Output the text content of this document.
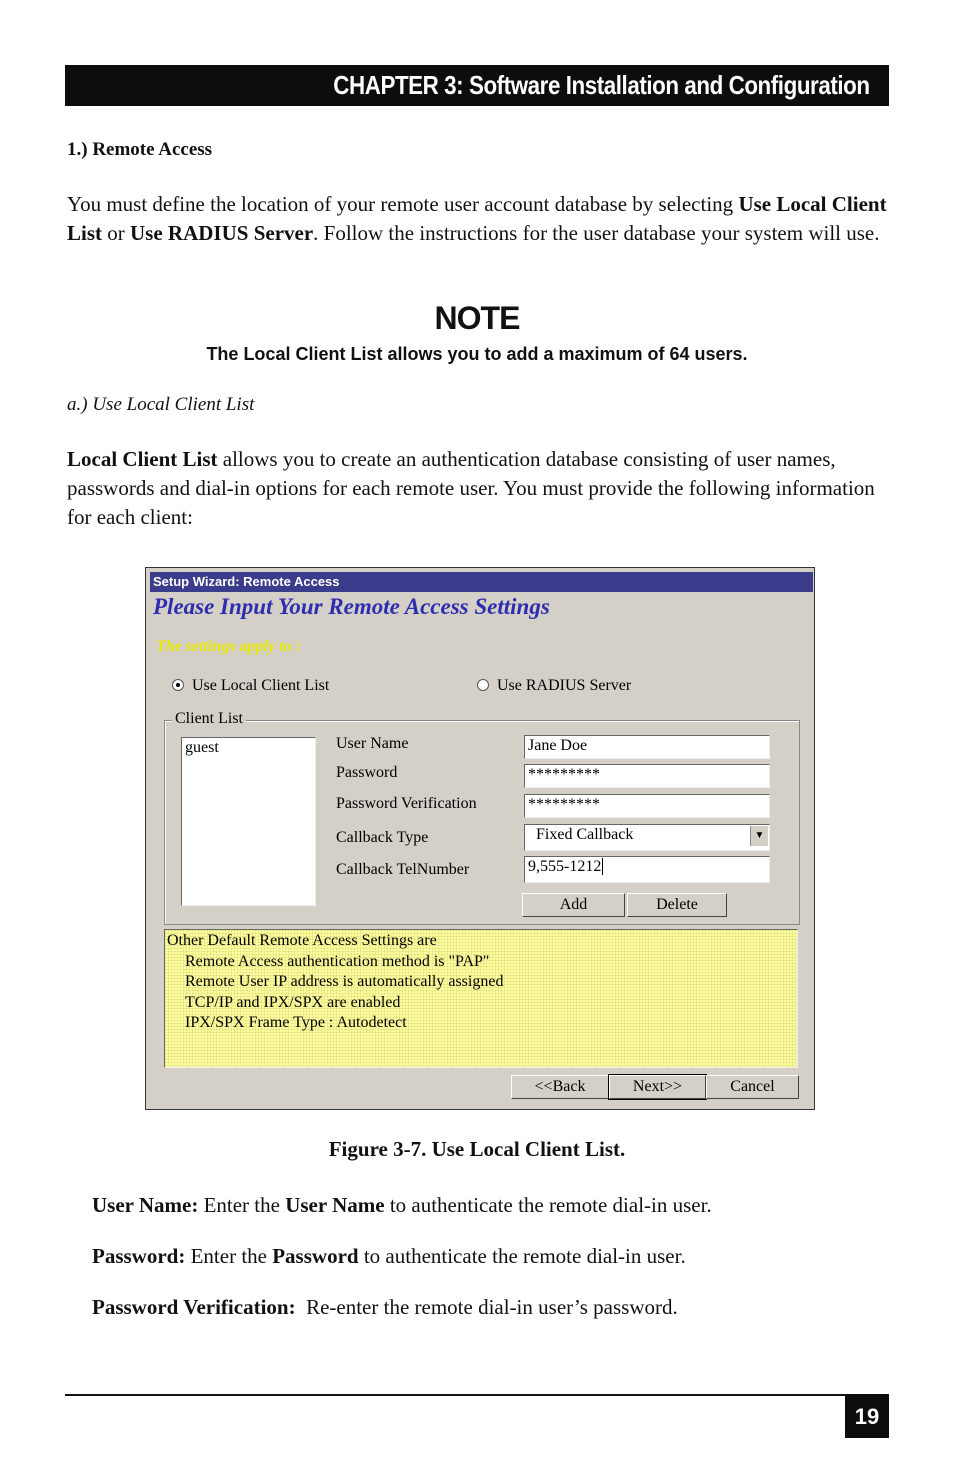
CHAPTER 3: Software Installation and Configuration
1.) Remote Access
You must define the location of your remote user account database by selecting Use Local Client List or Use RADIUS Server. Follow the instructions for the user database your system will use.
NOTE
The Local Client List allows you to add a maximum of 64 users.
a.) Use Local Client List
Local Client List allows you to create an authentication database consisting of user names, passwords and dial-in options for each remote user. You must provide the following information for each client:
Setup Wizard: Remote Access
Please Input Your Remote Access Settings
The settings apply to :
Use Local Client List	Use RADIUS Server
Client List
guest	User Name	Jane Doe
Password	*********
Password Verification	*********
Callback Type	Fixed Callback	▼
Callback TelNumber	9,555-1212
Add	Delete
Other Default Remote Access Settings are
Remote Access authentication method is "PAP"
Remote User IP address is automatically assigned
TCP/IP and IPX/SPX are enabled
IPX/SPX Frame Type : Autodetect
<<Back	Next>>	Cancel
Figure 3-7. Use Local Client List.
User Name: Enter the User Name to authenticate the remote dial-in user.
Password: Enter the Password to authenticate the remote dial-in user.
Password Verification:  Re-enter the remote dial-in user’s password.
19
